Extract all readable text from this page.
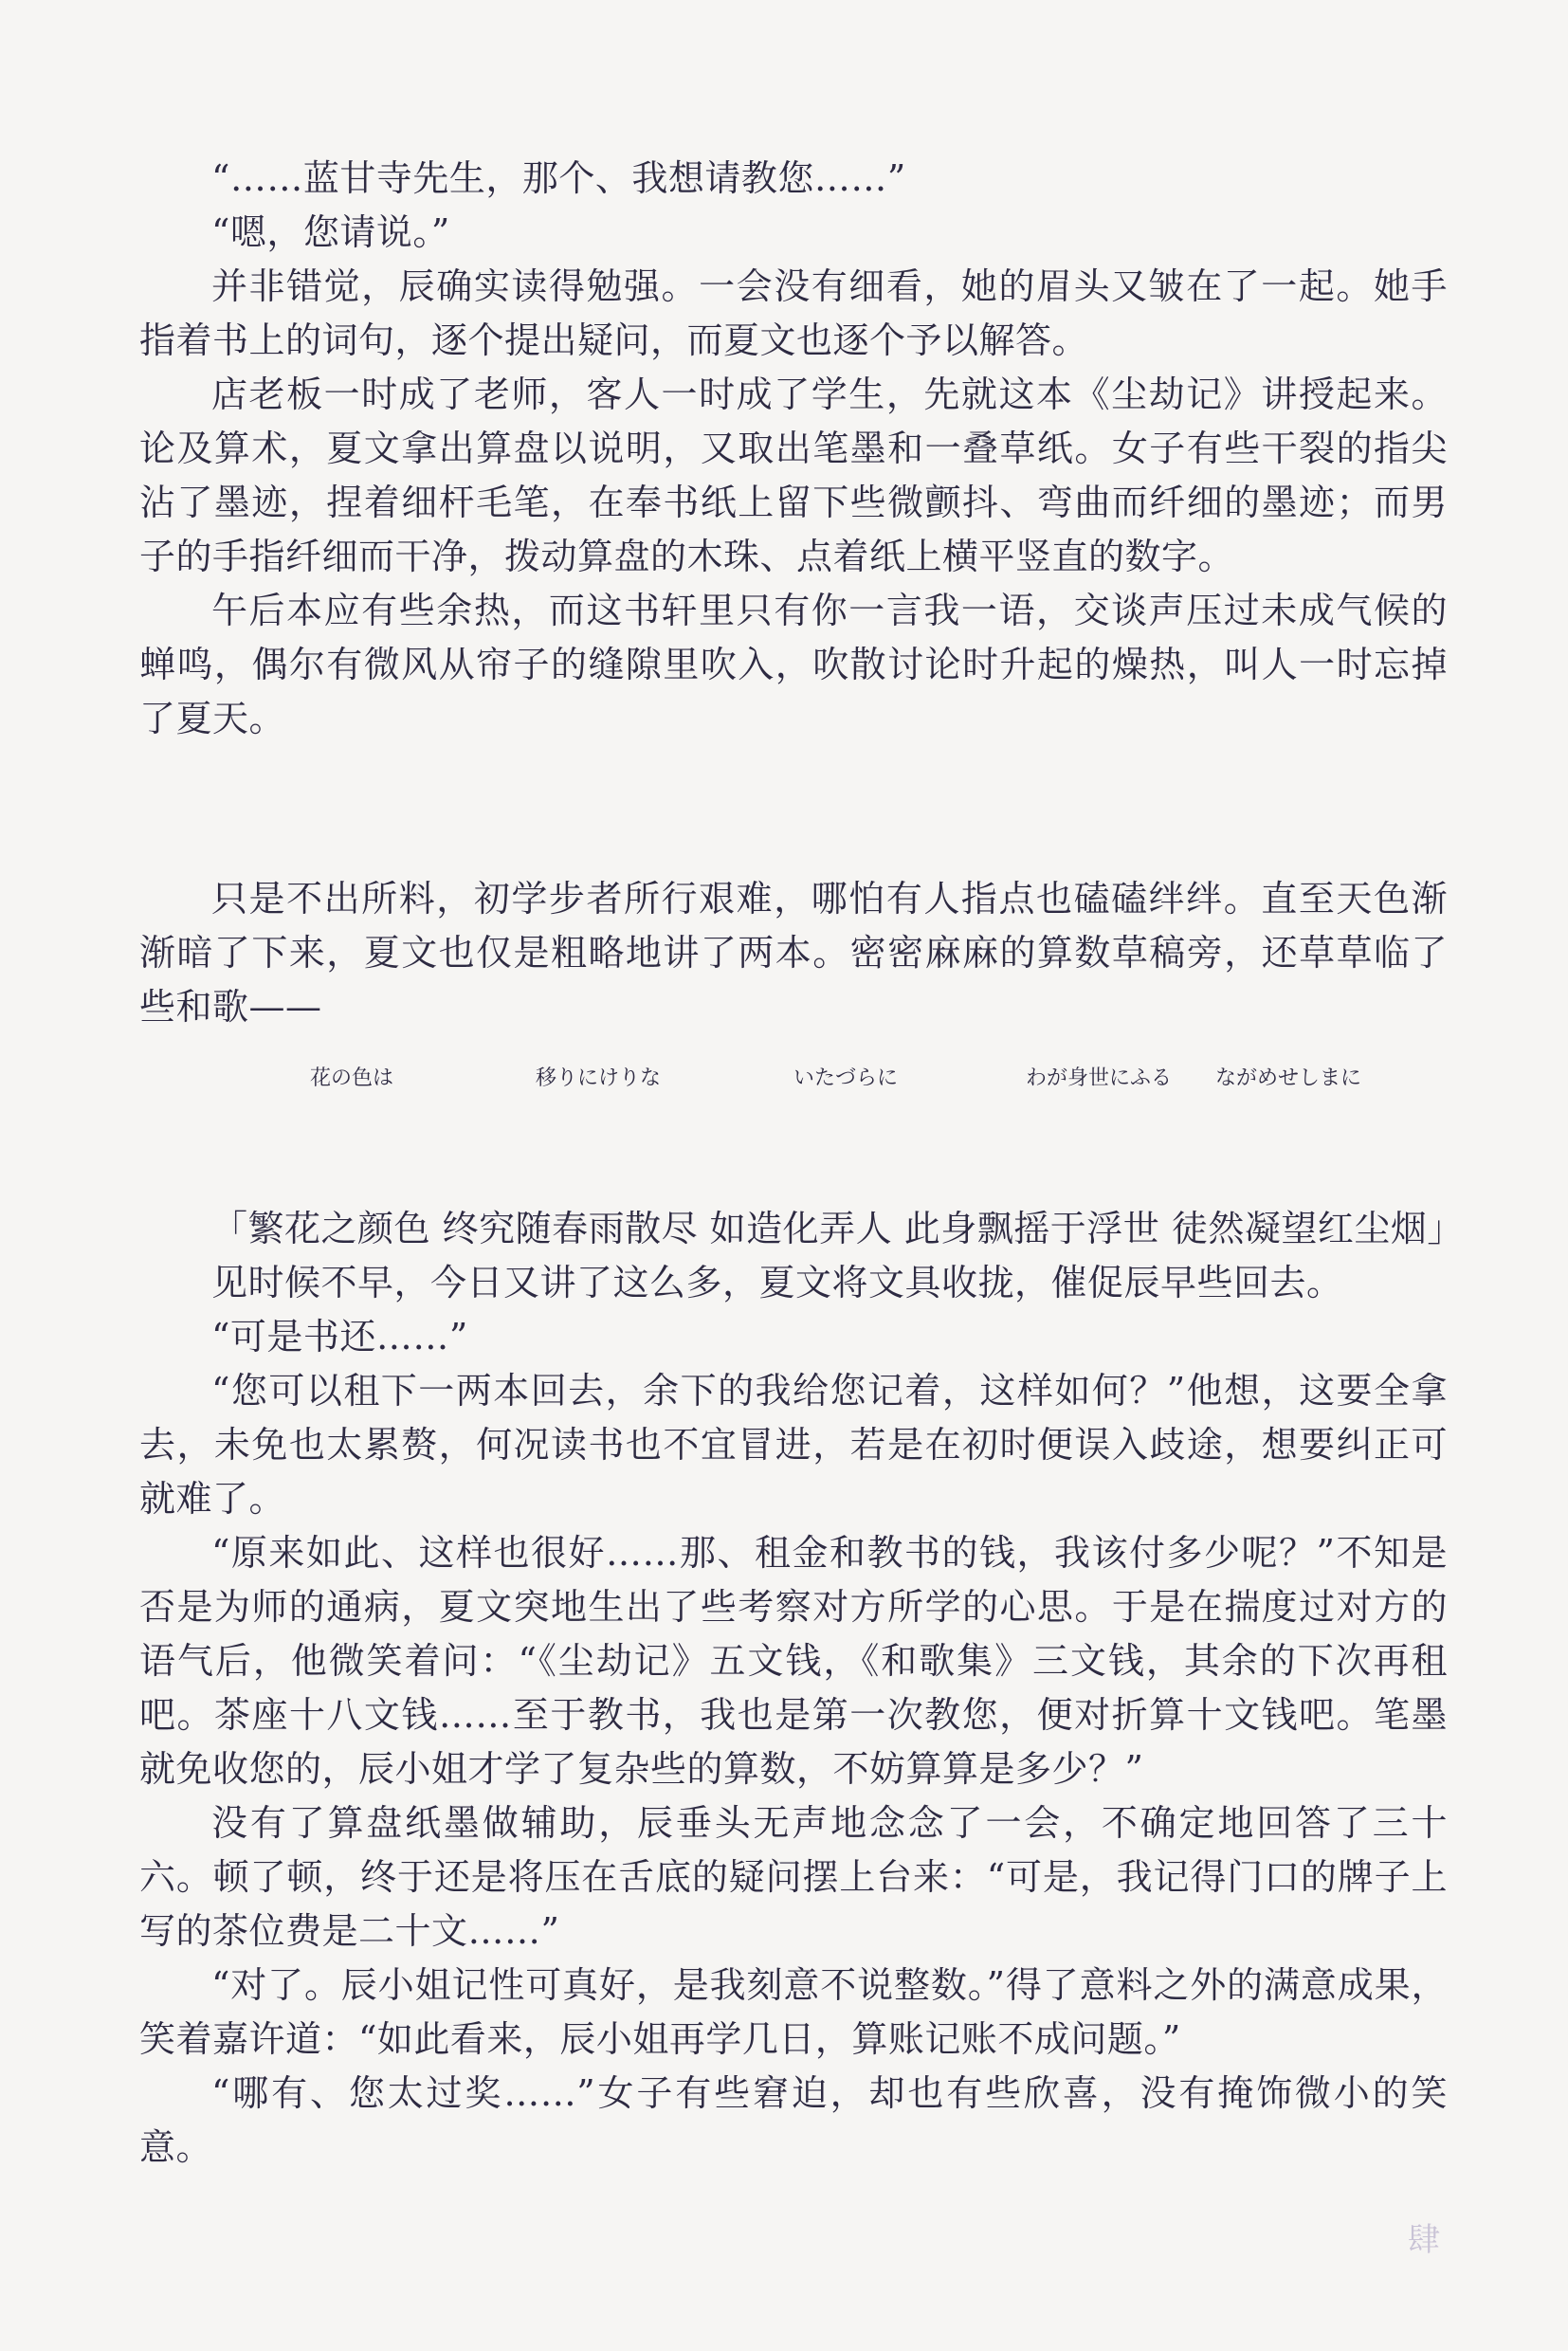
“……蓝甘寺先生，那个、我想请教您……”

“嗯，您请说。”

并非错觉，辰确实读得勉强。一会没有细看，她的眉头又皱在了一起。她手指着书上的词句，逐个提出疑问，而夏文也逐个予以解答。

店老板一时成了老师，客人一时成了学生，先就这本《尘劫记》讲授起来。论及算术，夏文拿出算盘以说明，又取出笔墨和一叠草纸。女子有些干裂的指尖沾了墨迹，捏着细杆毛笔，在奉书纸上留下些微颤抖、弯曲而纤细的墨迹；而男子的手指纤细而干净，拨动算盘的木珠、点着纸上横平竖直的数字。

午后本应有些余热，而这书轩里只有你一言我一语，交谈声压过未成气候的蝉鸣，偶尔有微风从帘子的缝隙里吹入，吹散讨论时升起的燥热，叫人一时忘掉了夏天。

只是不出所料，初学步者所行艰难，哪怕有人指点也磕磕绊绊。直至天色渐渐暗了下来，夏文也仅是粗略地讲了两本。密密麻麻的算数草稿旁，还草草临了些和歌——

花の色は	移りにけりな	いたづらに	わが身世にふる ながめせしまに

「繁花之颜色 终究随春雨散尽 如造化弄人 此身飘摇于浮世 徒然凝望红尘烟」

见时候不早，今日又讲了这么多，夏文将文具收拢，催促辰早些回去。

“可是书还……”

“您可以租下一两本回去，余下的我给您记着，这样如何？”他想，这要全拿去，未免也太累赘，何况读书也不宜冒进，若是在初时便误入歧途，想要纠正可就难了。

“原来如此、这样也很好……那、租金和教书的钱，我该付多少呢？”不知是否是为师的通病，夏文突地生出了些考察对方所学的心思。于是在揣度过对方的语气后，他微笑着问：“《尘劫记》五文钱，《和歌集》三文钱，其余的下次再租吧。茶座十八文钱……至于教书，我也是第一次教您，便对折算十文钱吧。笔墨就免收您的，辰小姐才学了复杂些的算数，不妨算算是多少？”

没有了算盘纸墨做辅助，辰垂头无声地念念了一会，不确定地回答了三十六。顿了顿，终于还是将压在舌底的疑问摆上台来：“可是，我记得门口的牌子上写的茶位费是二十文……”

“对了。辰小姐记性可真好，是我刻意不说整数。”得了意料之外的满意成果，笑着嘉许道：“如此看来，辰小姐再学几日，算账记账不成问题。”

“哪有、您太过奖……”女子有些窘迫，却也有些欣喜，没有掩饰微小的笑意。

肆
